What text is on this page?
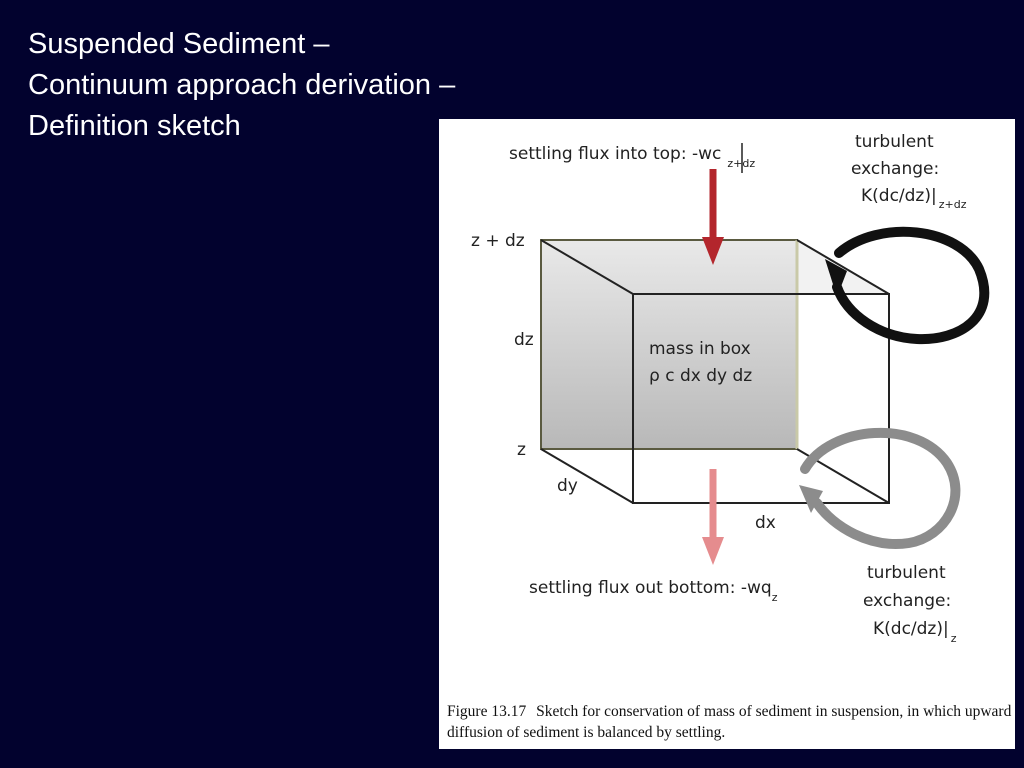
Suspended Sediment –
Continuum approach derivation –
Definition sketch
settling flux into top: -wc $_{z+dz}$
turbulent
exchange:
K(dc/dz)| $_{z+dz}$
z + dz
dz
z
dy
dx
mass in box
ρ c dx dy dz
settling flux out bottom: $-wq_z$
turbulent
exchange:
K(dc/dz)| $_z$
Figure 13.17 Sketch for conservation of mass of sediment in suspension, in which upward diffusion of sediment is balanced by settling.
